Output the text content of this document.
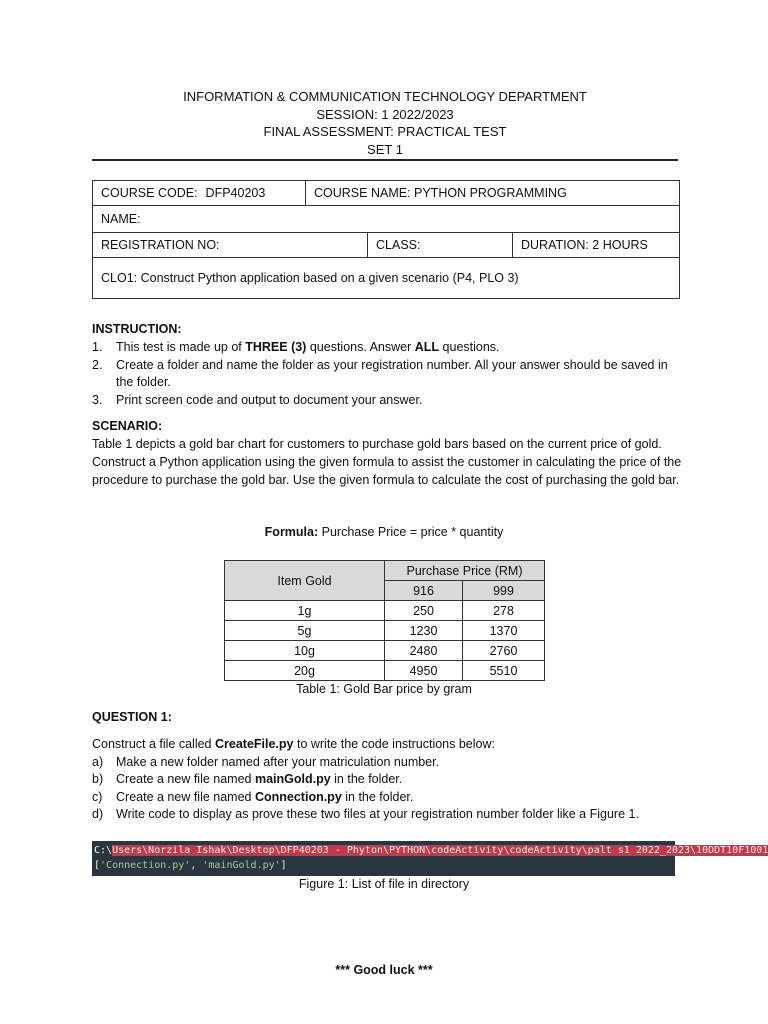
INFORMATION & COMMUNICATION TECHNOLOGY DEPARTMENT
SESSION: 1 2022/2023
FINAL ASSESSMENT: PRACTICAL TEST
SET 1
COURSE CODE: DFP40203	COURSE NAME: PYTHON PROGRAMMING		
NAME:			
REGISTRATION NO:		CLASS:	DURATION: 2 HOURS
CLO1: Construct Python application based on a given scenario (P4, PLO 3)			
INSTRUCTION:
1.	This test is made up of THREE (3) questions. Answer ALL questions.
2.	Create a folder and name the folder as your registration number. All your answer should be saved in the folder.
3.	Print screen code and output to document your answer.
SCENARIO:
Table 1 depicts a gold bar chart for customers to purchase gold bars based on the current price of gold. Construct a Python application using the given formula to assist the customer in calculating the price of the procedure to purchase the gold bar. Use the given formula to calculate the cost of purchasing the gold bar.
Formula: Purchase Price = price * quantity
Item Gold	Purchase Price (RM)	
	916	999
1g	250	278
5g	1230	1370
10g	2480	2760
20g	4950	5510
Table 1: Gold Bar price by gram
QUESTION 1:
Construct a file called CreateFile.py to write the code instructions below:
a)	Make a new folder named after your matriculation number.
b)	Create a new file named mainGold.py in the folder.
c)	Create a new file named Connection.py in the folder.
d)	Write code to display as prove these two files at your registration number folder like a Figure 1.
C:\Users\Norzila Ishak\Desktop\DFP40203 - Phyton\PYTHON\codeActivity\codeActivity\palt s1 2022_2023\10DDT10F1001
['Connection.py', 'mainGold.py']
Figure 1: List of file in directory
*** Good luck ***
